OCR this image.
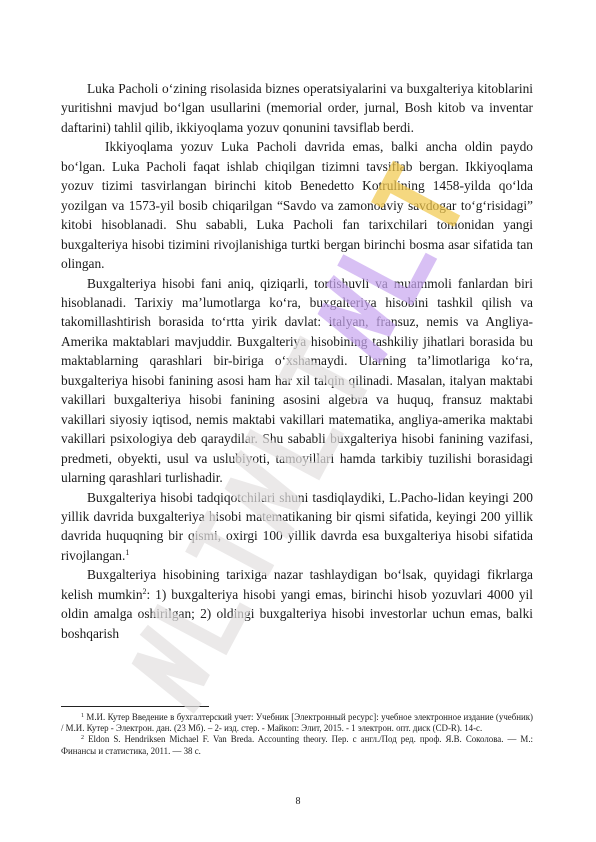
Luka Pacholi o‘zining risolasida biznes operatsiyalarini va buxgalteriya kitoblarini yuritishni mavjud bo‘lgan usullarini (memorial order, jurnal, Bosh kitob va inventar daftarini) tahlil qilib, ikkiyoqlama yozuv qonunini tavsiflab berdi.

Ikkiyoqlama yozuv Luka Pacholi davrida emas, balki ancha oldin paydo bo‘lgan. Luka Pacholi faqat ishlab chiqilgan tizimni tavsiflab bergan. Ikkiyoqlama yozuv tizimi tasvirlangan birinchi kitob Benedetto Kotrulining 1458-yilda qo‘lda yozilgan va 1573-yil bosib chiqarilgan “Savdo va zamonoaviy savdogar to‘g‘risidagi” kitobi hisoblanadi. Shu sababli, Luka Pacholi fan tarixchilari tomonidan yangi buxgalteriya hisobi tizimini rivojlanishiga turtki bergan birinchi bosma asar sifatida tan olingan.

Buxgalteriya hisobi fani aniq, qiziqarli, tortishuvli va muammoli fanlardan biri hisoblanadi. Tarixiy ma’lumotlarga ko‘ra, buxgalteriya hisobini tashkil qilish va takomillashtirish borasida to‘rtta yirik davlat: italyan, fransuz, nemis va Angliya-Amerika maktablari mavjuddir. Buxgalteriya hisobining tashkiliy jihatlari borasida bu maktablarning qarashlari bir-biriga o‘xshamaydi. Ularning ta’limotlariga ko‘ra, buxgalteriya hisobi fanining asosi ham har xil talqin qilinadi. Masalan, italyan maktabi vakillari buxgalteriya hisobi fanining asosini algebra va huquq, fransuz maktabi vakillari siyosiy iqtisod, nemis maktabi vakillari matematika, angliya-amerika maktabi vakillari psixologiya deb qaraydilar. Shu sababli buxgalteriya hisobi fanining vazifasi, predmeti, obyekti, usul va uslubiyoti, tamoyillari hamda tarkibiy tuzilishi borasidagi ularning qarashlari turlishadir.

Buxgalteriya hisobi tadqiqotchilari shuni tasdiqlaydiki, L.Pacho-lidan keyingi 200 yillik davrida buxgalteriya hisobi matematikaning bir qismi sifatida, keyingi 200 yillik davrida huquqning bir qismi, oxirgi 100 yillik davrda esa buxgalteriya hisobi sifatida rivojlangan.$^1$

Buxgalteriya hisobining tarixiga nazar tashlaydigan bo‘lsak, quyidagi fikrlarga kelish mumkin$^2$: 1) buxgalteriya hisobi yangi emas, birinchi hisob yozuvlari 4000 yil oldin amalga oshirilgan; 2) oldingi buxgalteriya hisobi investorlar uchun emas, balki boshqarish

$^1$ М.И. Кутер Введение в бухгалтерский учет: Учебник [Электронный ресурс]: учебное электронное издание (учебник) / М.И. Кутер - Электрон. дан. (23 Мб). – 2- изд. стер. - Майкоп: Элит, 2015. - 1 электрон. опт. диск (CD-R). 14-с.

$^2$ Eldon S. Hendriksen Michael F. Van Breda. Accounting theory. Пер. с англ./Под ред. проф. Я.В. Соколова. — М.: Финансы и статистика, 2011. — 38 с.

8
